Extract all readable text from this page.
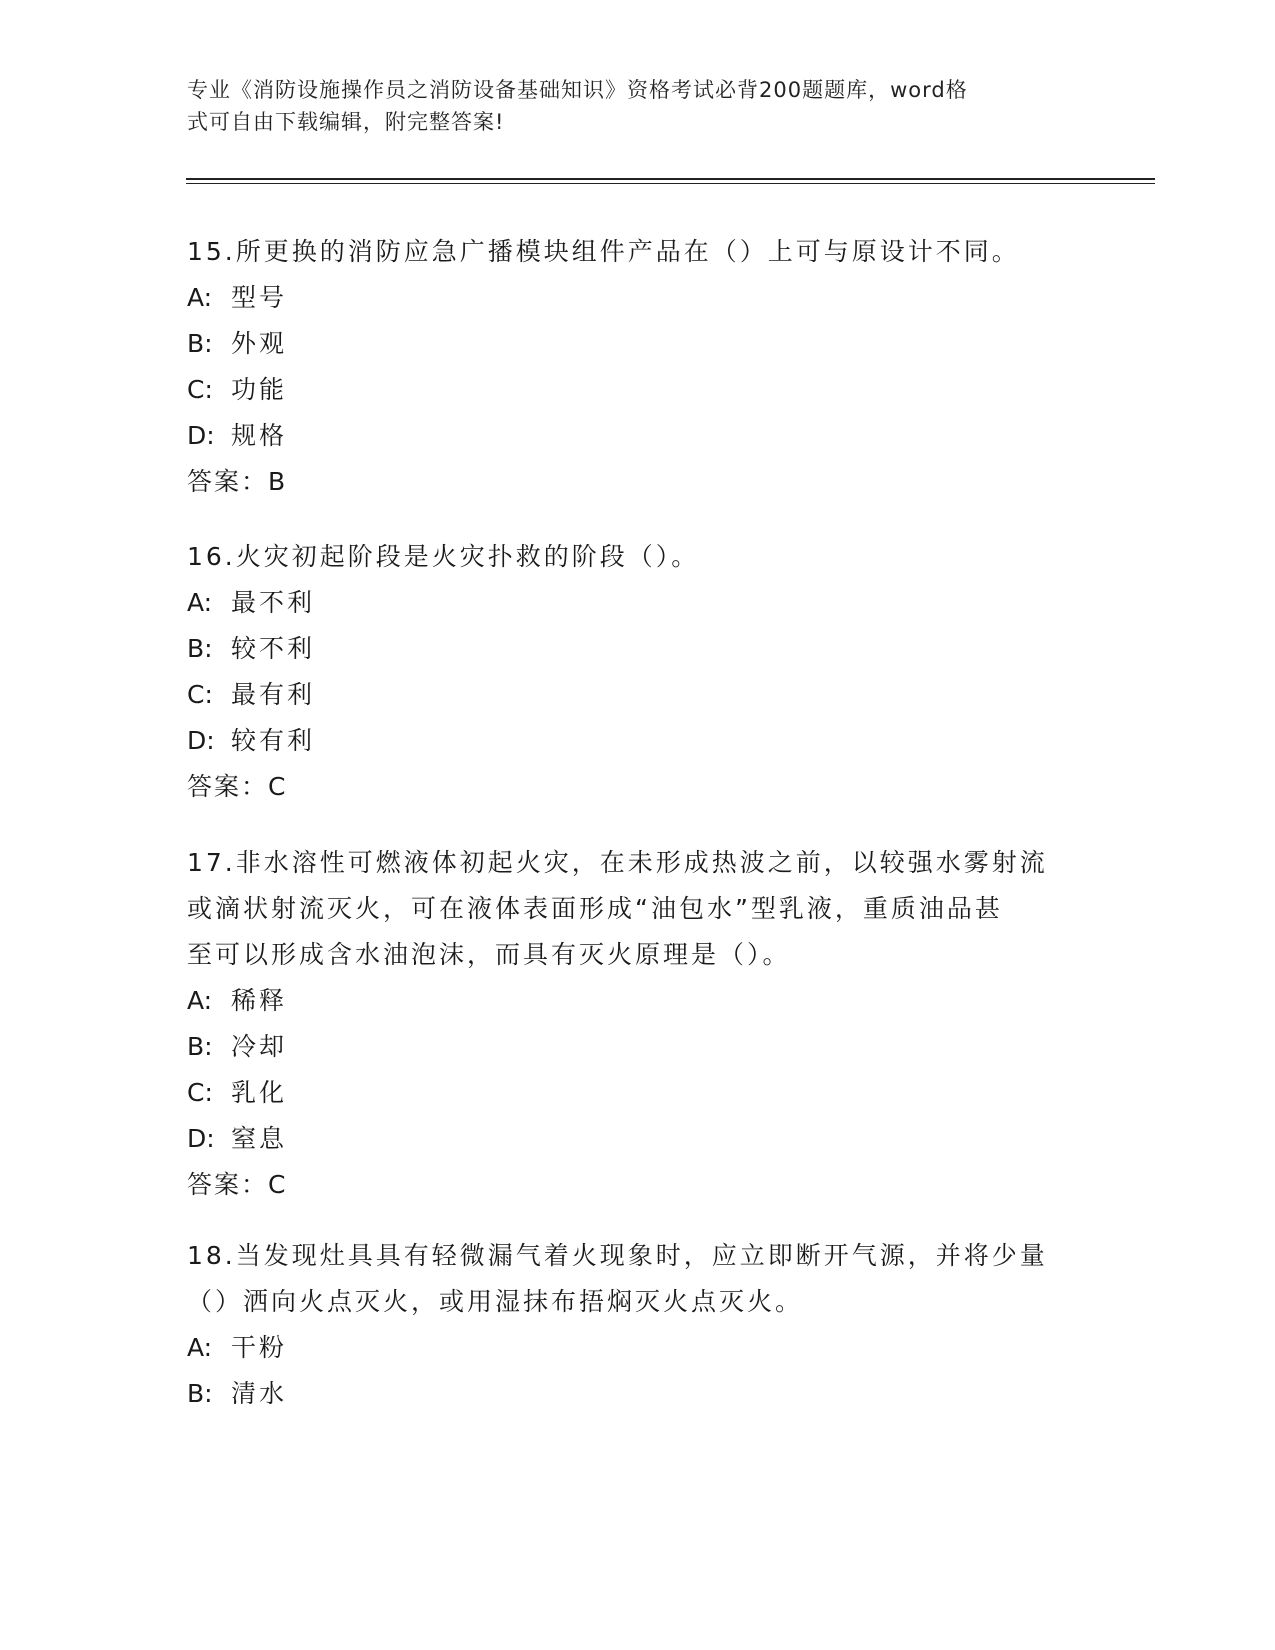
专业《消防设施操作员之消防设备基础知识》资格考试必背200题题库，word格
式可自由下载编辑，附完整答案!
15.所更换的消防应急广播模块组件产品在（）上可与原设计不同。
A: 型号
B: 外观
C: 功能
D: 规格
答案：B
16.火灾初起阶段是火灾扑救的阶段（）。
A: 最不利
B: 较不利
C: 最有利
D: 较有利
答案：C
17.非水溶性可燃液体初起火灾，在未形成热波之前，以较强水雾射流
或滴状射流灭火，可在液体表面形成“油包水”型乳液，重质油品甚
至可以形成含水油泡沫，而具有灭火原理是（）。
A: 稀释
B: 冷却
C: 乳化
D: 窒息
答案：C
18.当发现灶具具有轻微漏气着火现象时，应立即断开气源，并将少量
（）洒向火点灭火，或用湿抹布捂焖灭火点灭火。
A: 干粉
B: 清水
